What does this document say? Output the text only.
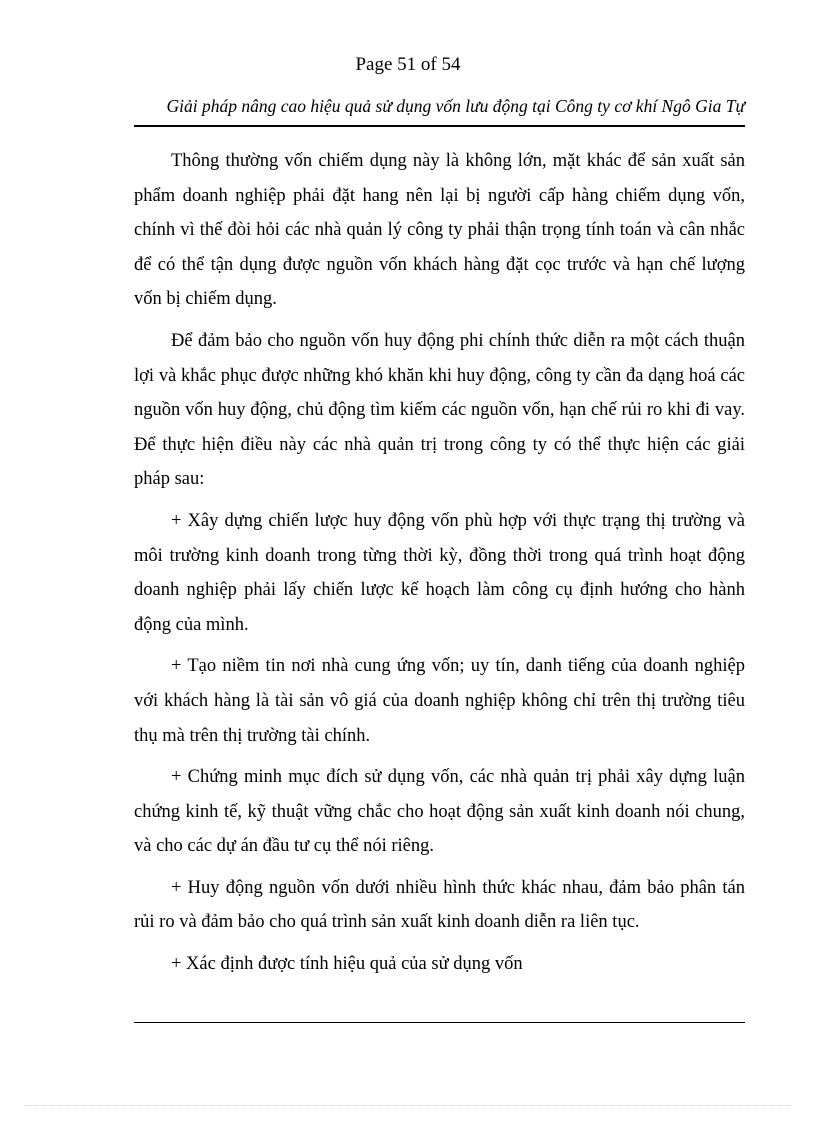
Page 51 of 54
Giải pháp nâng cao hiệu quả sử dụng vốn lưu động tại Công ty cơ khí Ngô Gia Tự

Thông thường vốn chiếm dụng này là không lớn, mặt khác để sản xuất sản phẩm doanh nghiệp phải đặt hang nên lại bị người cấp hàng chiếm dụng vốn, chính vì thế đòi hỏi các nhà quản lý công ty phải thận trọng tính toán và cân nhắc để có thể tận dụng được nguồn vốn khách hàng đặt cọc trước và hạn chế lượng vốn bị chiếm dụng.

Để đảm bảo cho nguồn vốn huy động phi chính thức diễn ra một cách thuận lợi và khắc phục được những khó khăn khi huy động, công ty cần đa dạng hoá các nguồn vốn huy động, chủ động tìm kiếm các nguồn vốn, hạn chế rủi ro khi đi vay. Để thực hiện điều này các nhà quản trị trong công ty có thể thực hiện các giải pháp sau:

+ Xây dựng chiến lược huy động vốn phù hợp với thực trạng thị trường và môi trường kinh doanh trong từng thời kỳ, đồng thời trong quá trình hoạt động doanh nghiệp phải lấy chiến lược kế hoạch làm công cụ định hướng cho hành động của mình.

+ Tạo niềm tin nơi nhà cung ứng vốn; uy tín, danh tiếng của doanh nghiệp với khách hàng là tài sản vô giá của doanh nghiệp không chỉ trên thị trường tiêu thụ mà trên thị trường tài chính.

+ Chứng minh mục đích sử dụng vốn, các nhà quản trị phải xây dựng luận chứng kinh tế, kỹ thuật vững chắc cho hoạt động sản xuất kinh doanh nói chung, và cho các dự án đầu tư cụ thể nói riêng.

+ Huy động nguồn vốn dưới nhiều hình thức khác nhau, đảm bảo phân tán rủi ro và đảm bảo cho quá trình sản xuất kinh doanh diễn ra liên tục.

+ Xác định được tính hiệu quả của sử dụng vốn
